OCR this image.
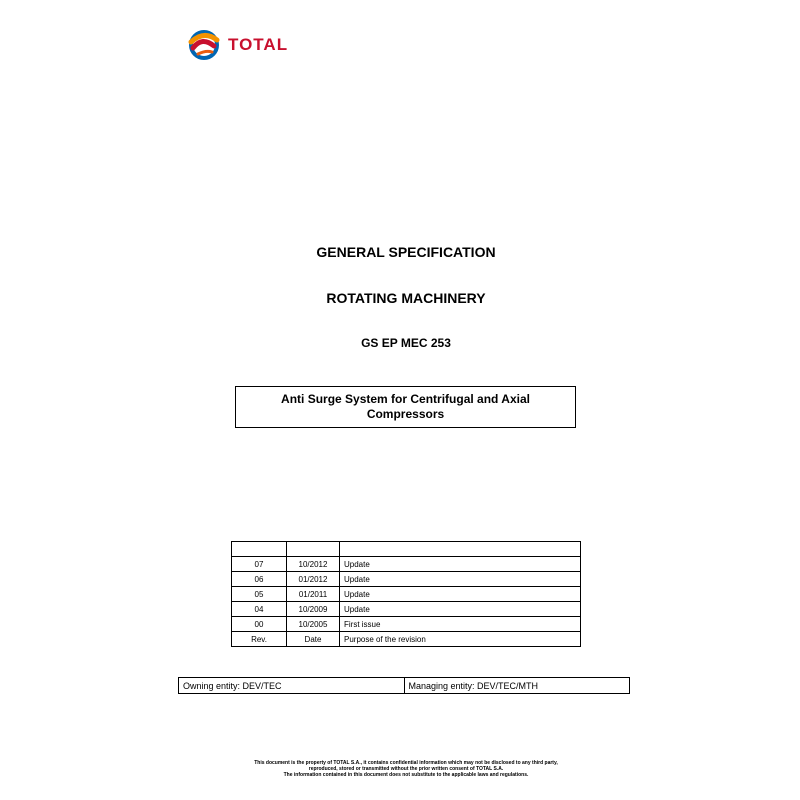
TOTAL
GENERAL SPECIFICATION
ROTATING MACHINERY
GS EP MEC 253
Anti Surge System for Centrifugal and Axial Compressors

07	10/2012	Update
06	01/2012	Update
05	01/2011	Update
04	10/2009	Update
00	10/2005	First issue
Rev.	Date	Purpose of the revision
Owning entity: DEV/TEC	Managing entity: DEV/TEC/MTH
This document is the property of TOTAL S.A., it contains confidential information which may not be disclosed to any third party,
reproduced, stored or transmitted without the prior written consent of TOTAL S.A.
The information contained in this document does not substitute to the applicable laws and regulations.
